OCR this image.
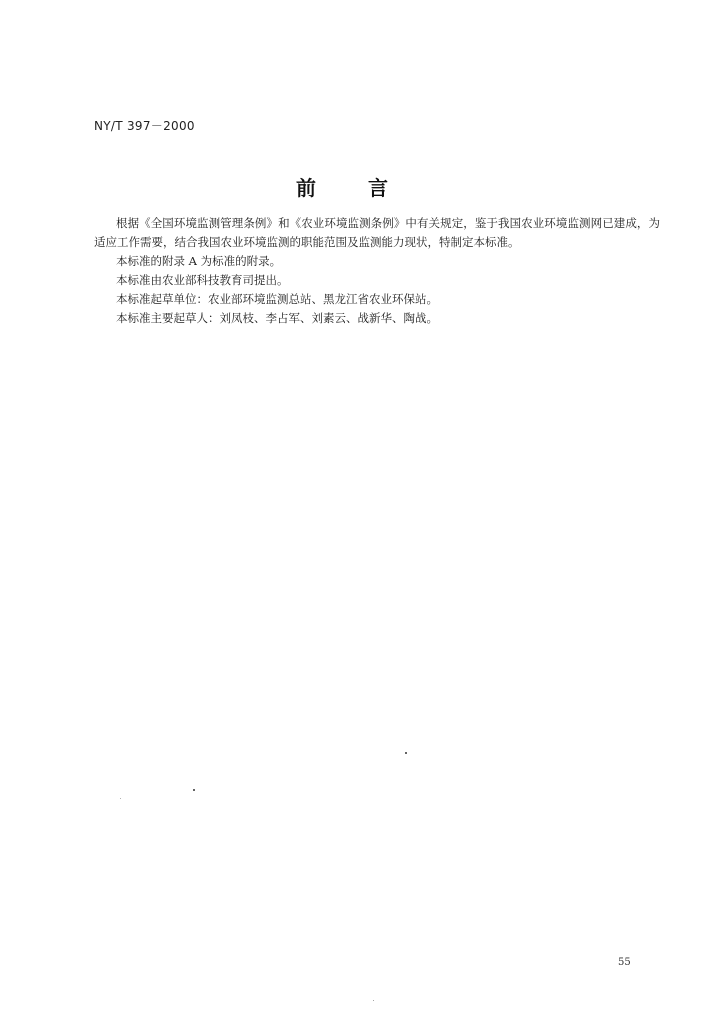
NY/T 397－2000
前言

根据《全国环境监测管理条例》和《农业环境监测条例》中有关规定，鉴于我国农业环境监测网已建成，为适应工作需要，结合我国农业环境监测的职能范围及监测能力现状，特制定本标准。

本标准的附录 A 为标准的附录。

本标准由农业部科技教育司提出。

本标准起草单位：农业部环境监测总站、黑龙江省农业环保站。

本标准主要起草人：刘凤枝、李占军、刘素云、战新华、陶战。

55
